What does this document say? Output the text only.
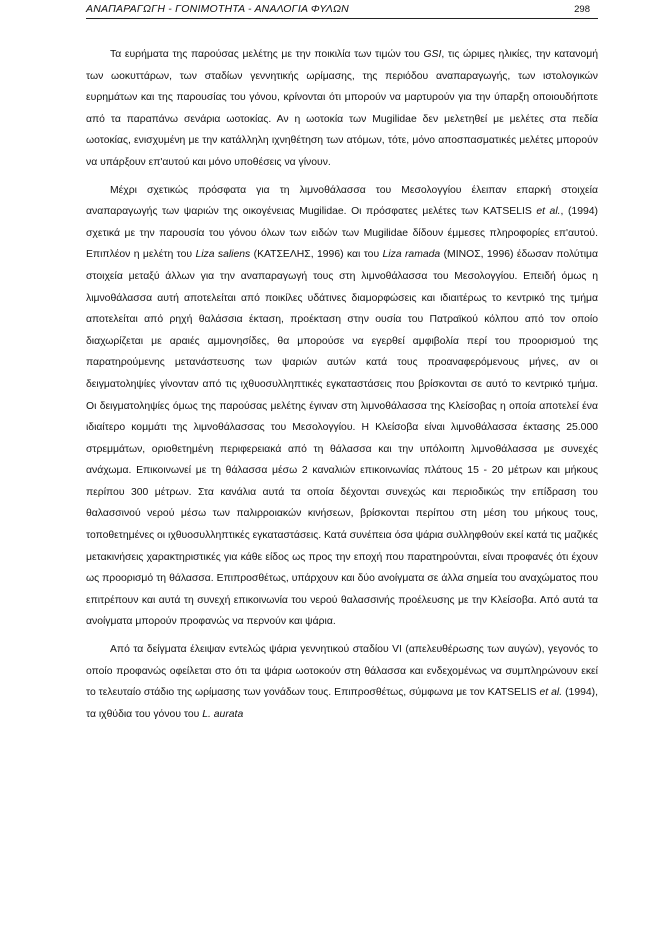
ΑΝΑΠΑΡΑΓΩΓΗ - ΓΟΝΙΜΟΤΗΤΑ - ΑΝΑΛΟΓΙΑ ΦΥΛΩΝ	298

Τα ευρήματα της παρούσας μελέτης με την ποικιλία των τιμών του GSI, τις ώριμες ηλικίες, την κατανομή των ωοκυττάρων, των σταδίων γεννητικής ωρίμασης, της περιόδου αναπαραγωγής, των ιστολογικών ευρημάτων και της παρουσίας του γόνου, κρίνονται ότι μπορούν να μαρτυρούν για την ύπαρξη οποιουδήποτε από τα παραπάνω σενάρια ωοτοκίας. Αν η ωοτοκία των Mugilidae δεν μελετηθεί με μελέτες στα πεδία ωοτοκίας, ενισχυμένη με την κατάλληλη ιχνηθέτηση των ατόμων, τότε, μόνο αποσπασματικές μελέτες μπορούν να υπάρξουν επ'αυτού και μόνο υποθέσεις να γίνουν.

Μέχρι σχετικώς πρόσφατα για τη λιμνοθάλασσα του Μεσολογγίου έλειπαν επαρκή στοιχεία αναπαραγωγής των ψαριών της οικογένειας Mugilidae. Οι πρόσφατες μελέτες των KATSELIS et al., (1994) σχετικά με την παρουσία του γόνου όλων των ειδών των Mugilidae δίδουν έμμεσες πληροφορίες επ'αυτού. Επιπλέον η μελέτη του Liza saliens (ΚΑΤΣΕΛΗΣ, 1996) και του Liza ramada (ΜΙΝΟΣ, 1996) έδωσαν πολύτιμα στοιχεία μεταξύ άλλων για την αναπαραγωγή τους στη λιμνοθάλασσα του Μεσολογγίου. Επειδή όμως η λιμνοθάλασσα αυτή αποτελείται από ποικίλες υδάτινες διαμορφώσεις και ιδιαιτέρως το κεντρικό της τμήμα αποτελείται από ρηχή θαλάσσια έκταση, προέκταση στην ουσία του Πατραϊκού κόλπου από τον οποίο διαχωρίζεται με αραιές αμμονησίδες, θα μπορούσε να εγερθεί αμφιβολία περί του προορισμού της παρατηρούμενης μετανάστευσης των ψαριών αυτών κατά τους προαναφερόμενους μήνες, αν οι δειγματοληψίες γίνονταν από τις ιχθυοσυλληπτικές εγκαταστάσεις που βρίσκονται σε αυτό το κεντρικό τμήμα. Οι δειγματοληψίες όμως της παρούσας μελέτης έγιναν στη λιμνοθάλασσα της Κλείσοβας η οποία αποτελεί ένα ιδιαίτερο κομμάτι της λιμνοθάλασσας του Μεσολογγίου. Η Κλείσοβα είναι λιμνοθάλασσα έκτασης 25.000 στρεμμάτων, οριοθετημένη περιφερειακά από τη θάλασσα και την υπόλοιπη λιμνοθάλασσα με συνεχές ανάχωμα. Επικοινωνεί με τη θάλασσα μέσω 2 καναλιών επικοινωνίας πλάτους 15 - 20 μέτρων και μήκους περίπου 300 μέτρων. Στα κανάλια αυτά τα οποία δέχονται συνεχώς και περιοδικώς την επίδραση του θαλασσινού νερού μέσω των παλιρροιακών κινήσεων, βρίσκονται περίπου στη μέση του μήκους τους, τοποθετημένες οι ιχθυοσυλληπτικές εγκαταστάσεις. Κατά συνέπεια όσα ψάρια συλληφθούν εκεί κατά τις μαζικές μετακινήσεις χαρακτηριστικές για κάθε είδος ως προς την εποχή που παρατηρούνται, είναι προφανές ότι έχουν ως προορισμό τη θάλασσα. Επιπροσθέτως, υπάρχουν και δύο ανοίγματα σε άλλα σημεία του αναχώματος που επιτρέπουν και αυτά τη συνεχή επικοινωνία του νερού θαλασσινής προέλευσης με την Κλείσοβα. Από αυτά τα ανοίγματα μπορούν προφανώς να περνούν και ψάρια.

Από τα δείγματα έλειψαν εντελώς ψάρια γεννητικού σταδίου VI (απελευθέρωσης των αυγών), γεγονός το οποίο προφανώς οφείλεται στο ότι τα ψάρια ωοτοκούν στη θάλασσα και ενδεχομένως να συμπληρώνουν εκεί το τελευταίο στάδιο της ωρίμασης των γονάδων τους. Επιπροσθέτως, σύμφωνα με τον KATSELIS et al. (1994), τα ιχθύδια του γόνου του L. aurata
